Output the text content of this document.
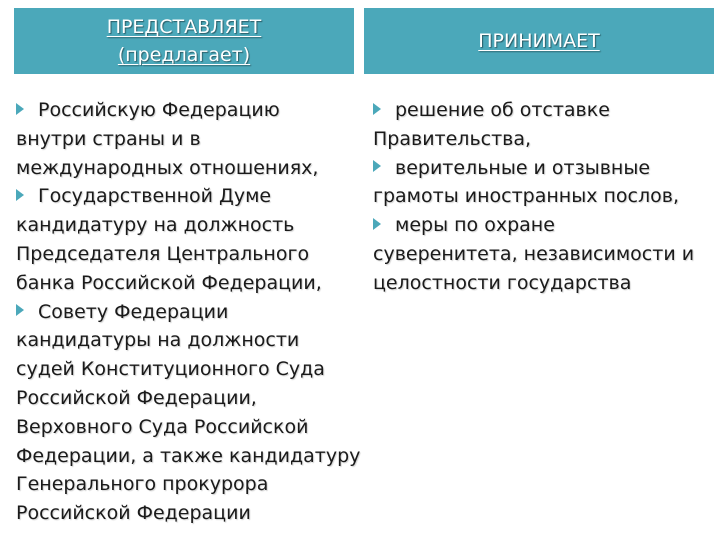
ПРЕДСТАВЛЯЕТ
(предлагает)
ПРИНИМАЕТ
Российскую Федерацию
внутри страны и в
международных отношениях,
Государственной Думе
кандидатуру на должность
Председателя Центрального
банка Российской Федерации,
Совету Федерации
кандидатуры на должности
судей Конституционного Суда
Российской Федерации,
Верховного Суда Российской
Федерации, а также кандидатуру
Генерального прокурора
Российской Федерации
решение об отставке
Правительства,
верительные и отзывные
грамоты иностранных послов,
меры по охране
суверенитета, независимости и
целостности государства
